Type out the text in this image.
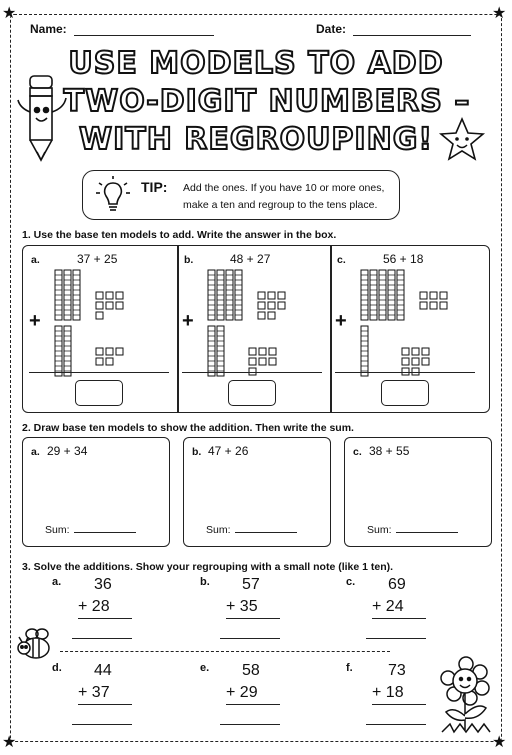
★	★
★	★
Name:	Date:
USE MODELS TO ADD
TWO-DIGIT NUMBERS –
WITH REGROUPING!
TIP: Add the ones. If you have 10 or more ones,
make a ten and regroup to the tens place.
1. Use the base ten models to add. Write the answer in the box.
a.	37 + 25
+
b.	48 + 27
+
c.	56 + 18
+
2. Draw base ten models to show the addition. Then write the sum.
a. 29 + 34
Sum:
b. 47 + 26
Sum:
c. 38 + 55
Sum:
3. Solve the additions. Show your regrouping with a small note (like 1 ten).
a. 36
+ 28
b. 57
+ 35
c. 69
+ 24
d. 44
+ 37
e. 58
+ 29
f. 73
+ 18
